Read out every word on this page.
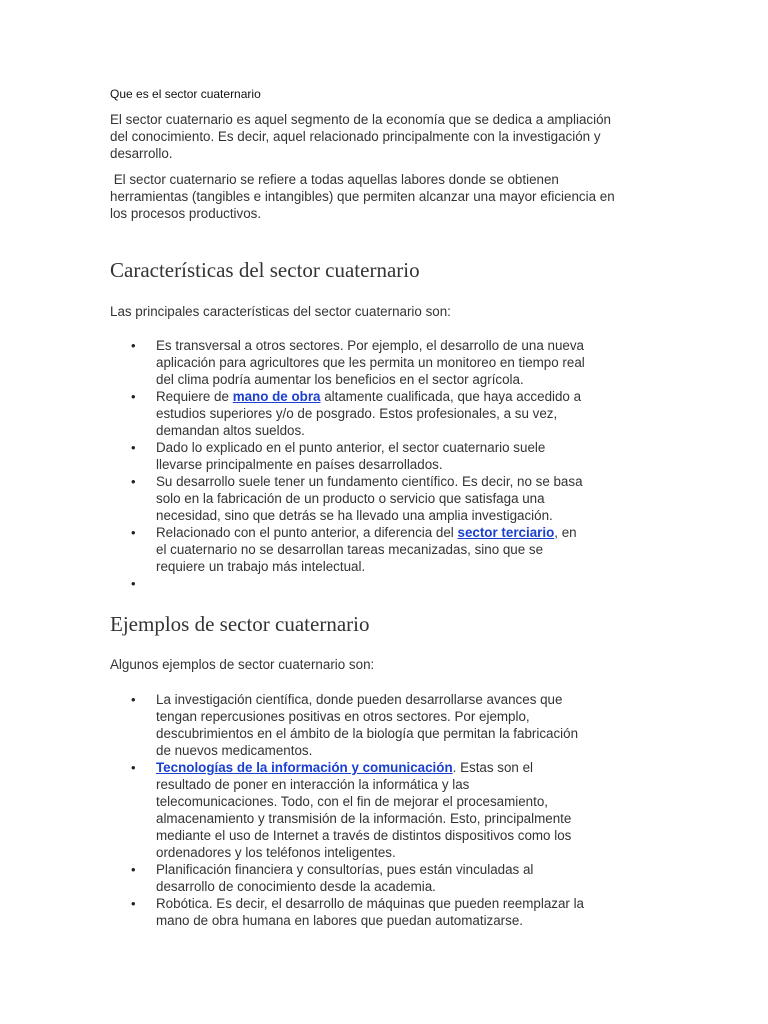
Que es el sector cuaternario
El sector cuaternario es aquel segmento de la economía que se dedica a ampliación
del conocimiento. Es decir, aquel relacionado principalmente con la investigación y
desarrollo.
El sector cuaternario se refiere a todas aquellas labores donde se obtienen
herramientas (tangibles e intangibles) que permiten alcanzar una mayor eficiencia en
los procesos productivos.
Características del sector cuaternario
Las principales características del sector cuaternario son:
• Es transversal a otros sectores. Por ejemplo, el desarrollo de una nueva
aplicación para agricultores que les permita un monitoreo en tiempo real
del clima podría aumentar los beneficios en el sector agrícola.
• Requiere de mano de obra altamente cualificada, que haya accedido a
estudios superiores y/o de posgrado. Estos profesionales, a su vez,
demandan altos sueldos.
• Dado lo explicado en el punto anterior, el sector cuaternario suele
llevarse principalmente en países desarrollados.
• Su desarrollo suele tener un fundamento científico. Es decir, no se basa
solo en la fabricación de un producto o servicio que satisfaga una
necesidad, sino que detrás se ha llevado una amplia investigación.
• Relacionado con el punto anterior, a diferencia del sector terciario, en
el cuaternario no se desarrollan tareas mecanizadas, sino que se
requiere un trabajo más intelectual.
•
Ejemplos de sector cuaternario
Algunos ejemplos de sector cuaternario son:
• La investigación científica, donde pueden desarrollarse avances que
tengan repercusiones positivas en otros sectores. Por ejemplo,
descubrimientos en el ámbito de la biología que permitan la fabricación
de nuevos medicamentos.
• Tecnologías de la información y comunicación. Estas son el
resultado de poner en interacción la informática y las
telecomunicaciones. Todo, con el fin de mejorar el procesamiento,
almacenamiento y transmisión de la información. Esto, principalmente
mediante el uso de Internet a través de distintos dispositivos como los
ordenadores y los teléfonos inteligentes.
• Planificación financiera y consultorías, pues están vinculadas al
desarrollo de conocimiento desde la academia.
• Robótica. Es decir, el desarrollo de máquinas que pueden reemplazar la
mano de obra humana en labores que puedan automatizarse.
